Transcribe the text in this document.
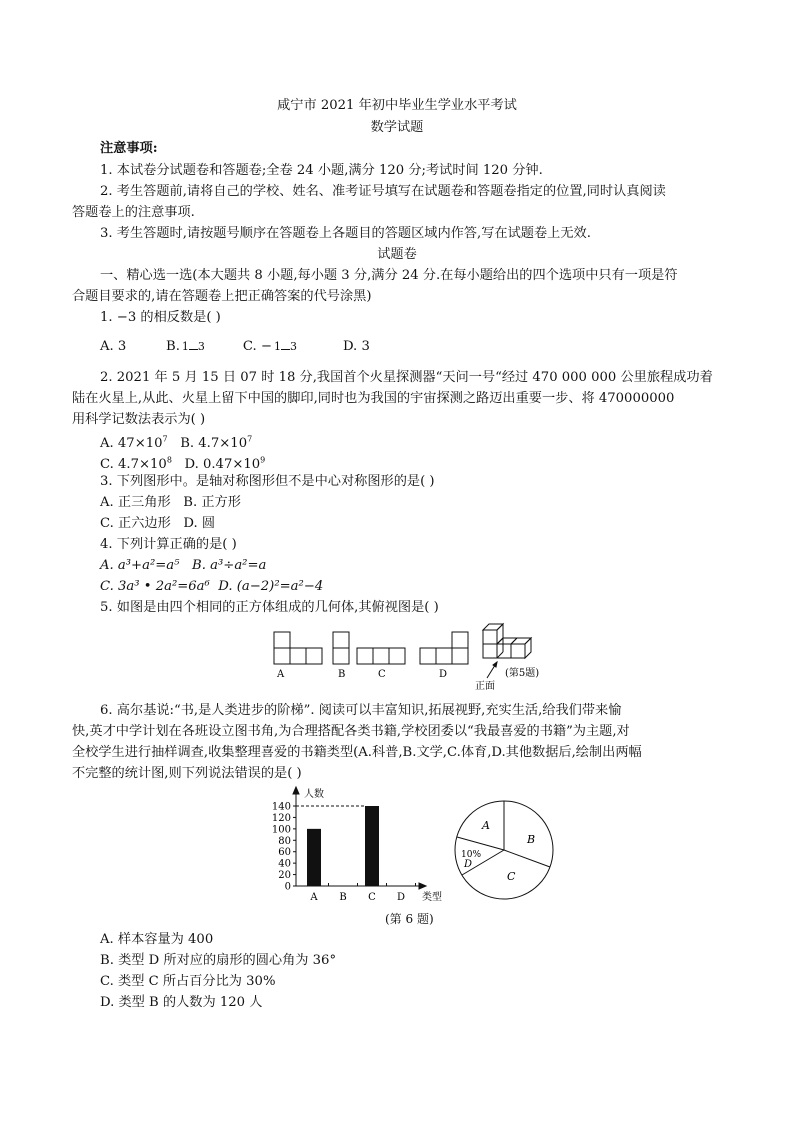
咸宁市 2021 年初中毕业生学业水平考试
数学试题
注意事项:
1. 本试卷分试题卷和答题卷;全卷 24 小题,满分 120 分;考试时间 120 分钟.
2. 考生答题前,请将自己的学校、姓名、准考证号填写在试题卷和答题卷指定的位置,同时认真阅读
答题卷上的注意事项.
3. 考生答题时,请按题号顺序在答题卷上各题目的答题区域内作答,写在试题卷上无效.
试题卷
一、精心选一选(本大题共 8 小题,每小题 3 分,满分 24 分.在每小题给出的四个选项中只有一项是符
合题目要求的,请在答题卷上把正确答案的代号涂黑)
1. −3 的相反数是( )
A. 3	B. 1 3	C. − 1 3	D. 3
2. 2021 年 5 月 15 日 07 时 18 分,我国首个火星探测器“天问一号“经过 470 000 000 公里旅程成功着
陆在火星上,从此、火星上留下中国的脚印,同时也为我国的宇宙探测之路迈出重要一步、将 470000000
用科学记数法表示为( )
A. $47\times 10^7$ B. $4.7\times 10^7$
C. $4.7\times 10^8$ D. $0.47\times 10^9$
3. 下列图形中。是轴对称图形但不是中心对称图形的是( )
A. 正三角形 B. 正方形
C. 正六边形 D. 圆
4. 下列计算正确的是( )
A. a³+a²=a⁵ B. a³÷a²=a
C. 3a³ • 2a²=6a⁶ D. (a−2)²=a²−4
5. 如图是由四个相同的正方体组成的几何体,其俯视图是( )
A	B	C	D
正面
(第5题)
6. 高尔基说:“书,是人类进步的阶梯”. 阅读可以丰富知识,拓展视野,充实生活,给我们带来愉
快,英才中学计划在各班设立图书角,为合理搭配各类书籍,学校团委以“我最喜爱的书籍”为主题,对
全校学生进行抽样调查,收集整理喜爱的书籍类型(A.科普,B.文学,C.体育,D.其他数据后,绘制出两幅
不完整的统计图,则下列说法错误的是( )
0
20
40
60
80
100
120
140
A B C D
人数
类型
A
B
C
10%
D
(第 6 题)
A. 样本容量为 400
B. 类型 D 所对应的扇形的圆心角为 36°
C. 类型 C 所占百分比为 30%
D. 类型 B 的人数为 120 人
